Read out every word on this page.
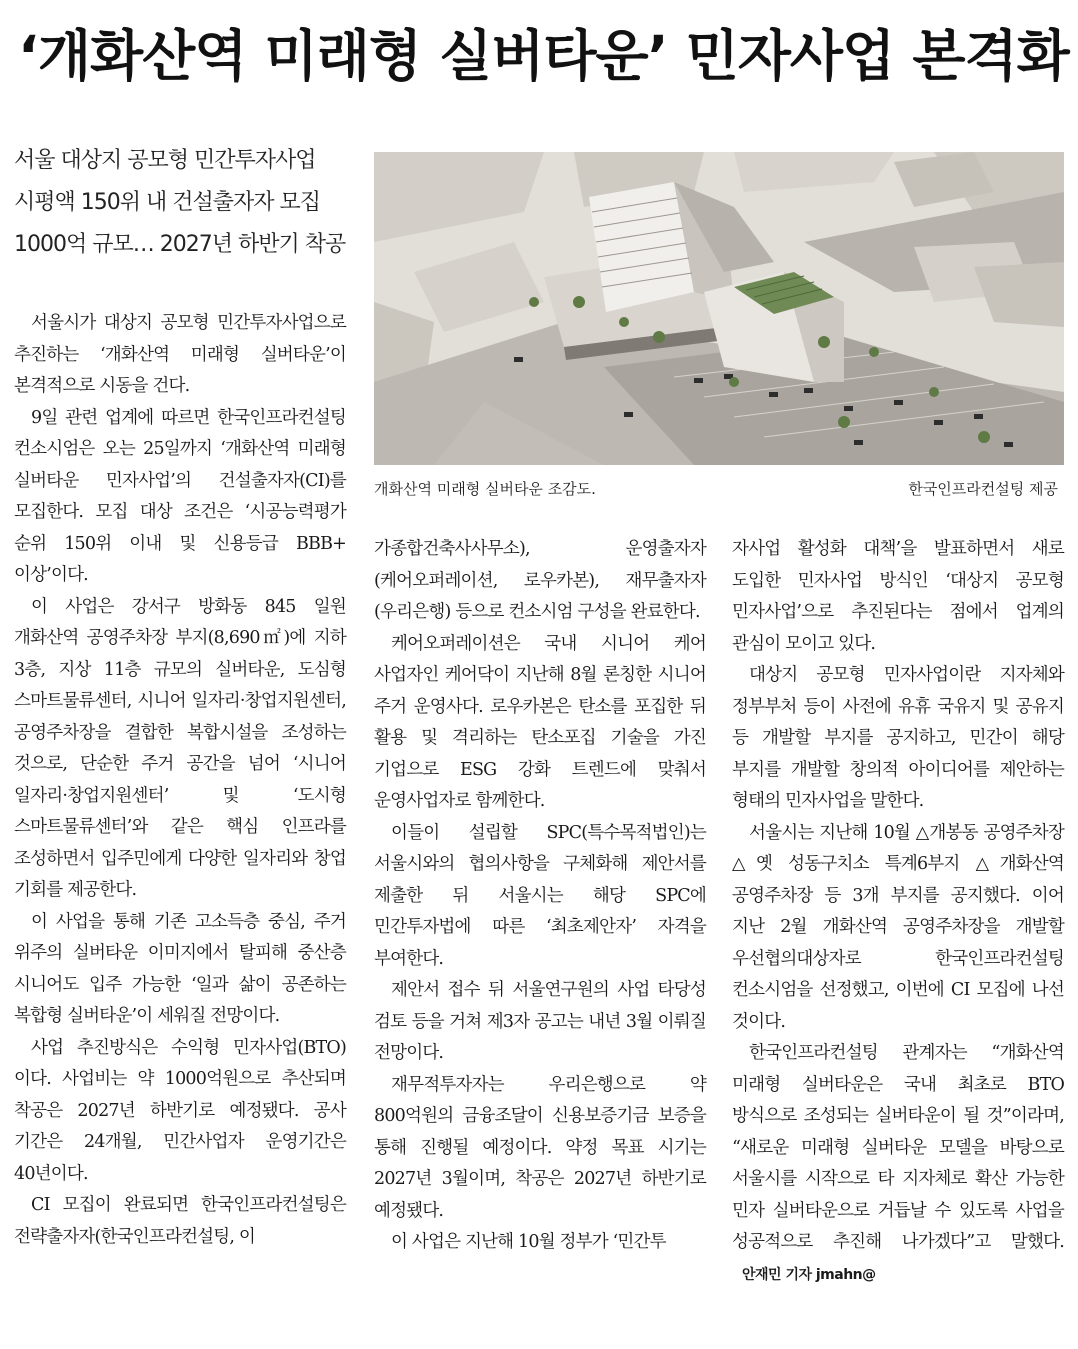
‘개화산역 미래형 실버타운’ 민자사업 본격화
서울 대상지 공모형 민간투자사업
시평액 150위 내 건설출자자 모집
1000억 규모… 2027년 하반기 착공
개화산역 미래형 실버타운 조감도.	한국인프라컨설팅 제공

서울시가 대상지 공모형 민간투자사업으로 추진하는 ‘개화산역 미래형 실버타운’이 본격적으로 시동을 건다.

9일 관련 업계에 따르면 한국인프라컨설팅 컨소시엄은 오는 25일까지 ‘개화산역 미래형 실버타운 민자사업’의 건설출자자(CI)를 모집한다. 모집 대상 조건은 ‘시공능력평가 순위 150위 이내 및 신용등급 BBB+ 이상’이다.

이 사업은 강서구 방화동 845 일원 개화산역 공영주차장 부지(8,690㎡)에 지하 3층, 지상 11층 규모의 실버타운, 도심형 스마트물류센터, 시니어 일자리·창업지원센터, 공영주차장을 결합한 복합시설을 조성하는 것으로, 단순한 주거 공간을 넘어 ‘시니어 일자리·창업지원센터’ 및 ‘도시형 스마트물류센터’와 같은 핵심 인프라를 조성하면서 입주민에게 다양한 일자리와 창업 기회를 제공한다.

이 사업을 통해 기존 고소득층 중심, 주거 위주의 실버타운 이미지에서 탈피해 중산층 시니어도 입주 가능한 ‘일과 삶이 공존하는 복합형 실버타운’이 세워질 전망이다.

사업 추진방식은 수익형 민자사업(BTO)이다. 사업비는 약 1000억원으로 추산되며 착공은 2027년 하반기로 예정됐다. 공사 기간은 24개월, 민간사업자 운영기간은 40년이다.

CI 모집이 완료되면 한국인프라컨설팅은 전략출자자(한국인프라컨설팅, 이

가종합건축사사무소), 운영출자자(케어오퍼레이션, 로우카본), 재무출자자(우리은행) 등으로 컨소시엄 구성을 완료한다.

케어오퍼레이션은 국내 시니어 케어 사업자인 케어닥이 지난해 8월 론칭한 시니어 주거 운영사다. 로우카본은 탄소를 포집한 뒤 활용 및 격리하는 탄소포집 기술을 가진 기업으로 ESG 강화 트렌드에 맞춰서 운영사업자로 함께한다.

이들이 설립할 SPC(특수목적법인)는 서울시와의 협의사항을 구체화해 제안서를 제출한 뒤 서울시는 해당 SPC에 민간투자법에 따른 ‘최초제안자’ 자격을 부여한다.

제안서 접수 뒤 서울연구원의 사업 타당성 검토 등을 거쳐 제3자 공고는 내년 3월 이뤄질 전망이다.

재무적투자자는 우리은행으로 약 800억원의 금융조달이 신용보증기금 보증을 통해 진행될 예정이다. 약정 목표 시기는 2027년 3월이며, 착공은 2027년 하반기로 예정됐다.

이 사업은 지난해 10월 정부가 ‘민간투

자사업 활성화 대책’을 발표하면서 새로 도입한 민자사업 방식인 ‘대상지 공모형 민자사업’으로 추진된다는 점에서 업계의 관심이 모이고 있다.

대상지 공모형 민자사업이란 지자체와 정부부처 등이 사전에 유휴 국유지 및 공유지 등 개발할 부지를 공지하고, 민간이 해당 부지를 개발할 창의적 아이디어를 제안하는 형태의 민자사업을 말한다.

서울시는 지난해 10월 △개봉동 공영주차장 △옛 성동구치소 특계6부지 △개화산역 공영주차장 등 3개 부지를 공지했다. 이어 지난 2월 개화산역 공영주차장을 개발할 우선협의대상자로 한국인프라컨설팅 컨소시엄을 선정했고, 이번에 CI 모집에 나선 것이다.

한국인프라컨설팅 관계자는 “개화산역 미래형 실버타운은 국내 최초로 BTO 방식으로 조성되는 실버타운이 될 것”이라며, “새로운 미래형 실버타운 모델을 바탕으로 서울시를 시작으로 타 지자체로 확산 가능한 민자 실버타운으로 거듭날 수 있도록 사업을 성공적으로 추진해 나가겠다”고 말했다.안재민 기자 jmahn@
